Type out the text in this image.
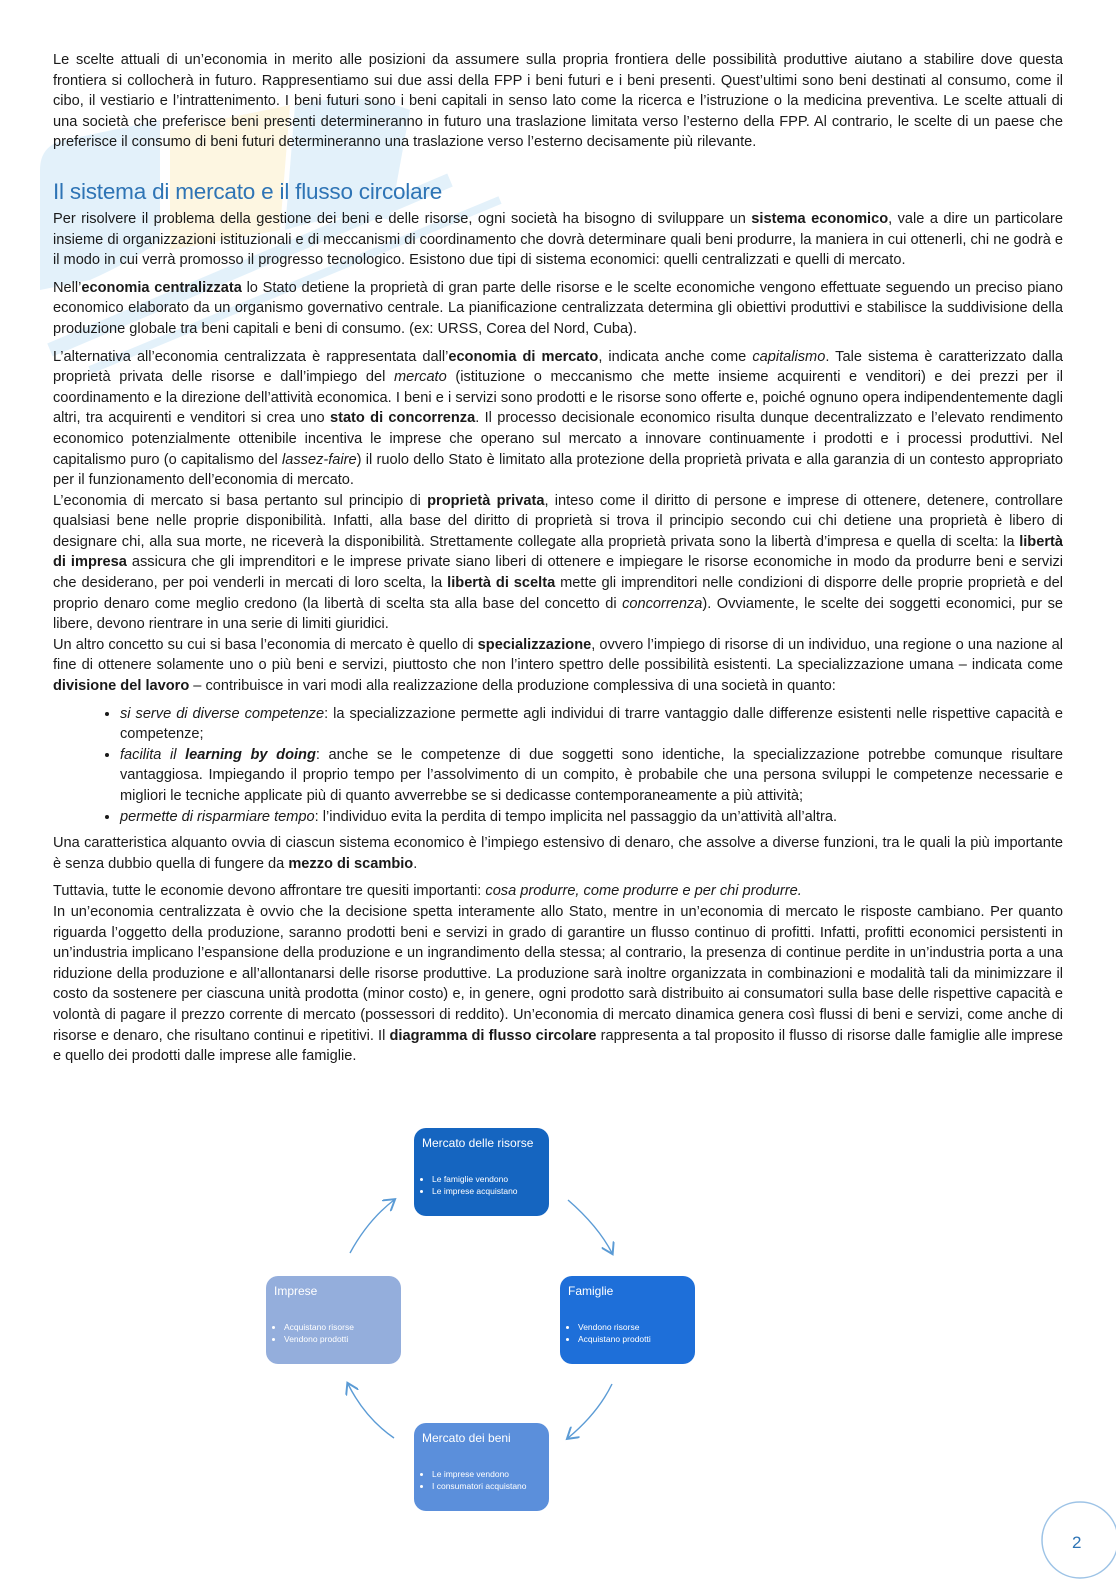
Le scelte attuali di un’economia in merito alle posizioni da assumere sulla propria frontiera delle possibilità produttive aiutano a stabilire dove questa frontiera si collocherà in futuro. Rappresentiamo sui due assi della FPP i beni futuri e i beni presenti. Quest’ultimi sono beni destinati al consumo, come il cibo, il vestiario e l’intrattenimento. I beni futuri sono i beni capitali in senso lato come la ricerca e l’istruzione o la medicina preventiva. Le scelte attuali di una società che preferisce beni presenti determineranno in futuro una traslazione limitata verso l’esterno della FPP. Al contrario, le scelte di un paese che preferisce il consumo di beni futuri determineranno una traslazione verso l’esterno decisamente più rilevante.

Il sistema di mercato e il flusso circolare

Per risolvere il problema della gestione dei beni e delle risorse, ogni società ha bisogno di sviluppare un sistema economico, vale a dire un particolare insieme di organizzazioni istituzionali e di meccanismi di coordinamento che dovrà determinare quali beni produrre, la maniera in cui ottenerli, chi ne godrà e il modo in cui verrà promosso il progresso tecnologico. Esistono due tipi di sistema economici: quelli centralizzati e quelli di mercato.

Nell’economia centralizzata lo Stato detiene la proprietà di gran parte delle risorse e le scelte economiche vengono effettuate seguendo un preciso piano economico elaborato da un organismo governativo centrale. La pianificazione centralizzata determina gli obiettivi produttivi e stabilisce la suddivisione della produzione globale tra beni capitali e beni di consumo. (ex: URSS, Corea del Nord, Cuba).

L’alternativa all’economia centralizzata è rappresentata dall’economia di mercato, indicata anche come capitalismo. Tale sistema è caratterizzato dalla proprietà privata delle risorse e dall’impiego del mercato (istituzione o meccanismo che mette insieme acquirenti e venditori) e dei prezzi per il coordinamento e la direzione dell’attività economica. I beni e i servizi sono prodotti e le risorse sono offerte e, poiché ognuno opera indipendentemente dagli altri, tra acquirenti e venditori si crea uno stato di concorrenza. Il processo decisionale economico risulta dunque decentralizzato e l’elevato rendimento economico potenzialmente ottenibile incentiva le imprese che operano sul mercato a innovare continuamente i prodotti e i processi produttivi. Nel capitalismo puro (o capitalismo del lassez-faire) il ruolo dello Stato è limitato alla protezione della proprietà privata e alla garanzia di un contesto appropriato per il funzionamento dell’economia di mercato.

L’economia di mercato si basa pertanto sul principio di proprietà privata, inteso come il diritto di persone e imprese di ottenere, detenere, controllare qualsiasi bene nelle proprie disponibilità. Infatti, alla base del diritto di proprietà si trova il principio secondo cui chi detiene una proprietà è libero di designare chi, alla sua morte, ne riceverà la disponibilità. Strettamente collegate alla proprietà privata sono la libertà d’impresa e quella di scelta: la libertà di impresa assicura che gli imprenditori e le imprese private siano liberi di ottenere e impiegare le risorse economiche in modo da produrre beni e servizi che desiderano, per poi venderli in mercati di loro scelta, la libertà di scelta mette gli imprenditori nelle condizioni di disporre delle proprie proprietà e del proprio denaro come meglio credono (la libertà di scelta sta alla base del concetto di concorrenza). Ovviamente, le scelte dei soggetti economici, pur se libere, devono rientrare in una serie di limiti giuridici.

Un altro concetto su cui si basa l’economia di mercato è quello di specializzazione, ovvero l’impiego di risorse di un individuo, una regione o una nazione al fine di ottenere solamente uno o più beni e servizi, piuttosto che non l’intero spettro delle possibilità esistenti. La specializzazione umana – indicata come divisione del lavoro – contribuisce in vari modi alla realizzazione della produzione complessiva di una società in quanto:

• si serve di diverse competenze: la specializzazione permette agli individui di trarre vantaggio dalle differenze esistenti nelle rispettive capacità e competenze;
• facilita il learning by doing: anche se le competenze di due soggetti sono identiche, la specializzazione potrebbe comunque risultare vantaggiosa. Impiegando il proprio tempo per l’assolvimento di un compito, è probabile che una persona sviluppi le competenze necessarie e migliori le tecniche applicate più di quanto avverrebbe se si dedicasse contemporaneamente a più attività;
• permette di risparmiare tempo: l’individuo evita la perdita di tempo implicita nel passaggio da un’attività all’altra.

Una caratteristica alquanto ovvia di ciascun sistema economico è l’impiego estensivo di denaro, che assolve a diverse funzioni, tra le quali la più importante è senza dubbio quella di fungere da mezzo di scambio.

Tuttavia, tutte le economie devono affrontare tre quesiti importanti: cosa produrre, come produrre e per chi produrre.

In un’economia centralizzata è ovvio che la decisione spetta interamente allo Stato, mentre in un’economia di mercato le risposte cambiano. Per quanto riguarda l’oggetto della produzione, saranno prodotti beni e servizi in grado di garantire un flusso continuo di profitti. Infatti, profitti economici persistenti in un’industria implicano l’espansione della produzione e un ingrandimento della stessa; al contrario, la presenza di continue perdite in un’industria porta a una riduzione della produzione e all’allontanarsi delle risorse produttive. La produzione sarà inoltre organizzata in combinazioni e modalità tali da minimizzare il costo da sostenere per ciascuna unità prodotta (minor costo) e, in genere, ogni prodotto sarà distribuito ai consumatori sulla base delle rispettive capacità e volontà di pagare il prezzo corrente di mercato (possessori di reddito). Un’economia di mercato dinamica genera così flussi di beni e servizi, come anche di risorse e denaro, che risultano continui e ripetitivi. Il diagramma di flusso circolare rappresenta a tal proposito il flusso di risorse dalle famiglie alle imprese e quello dei prodotti dalle imprese alle famiglie.

Mercato delle risorse
• Le famiglie vendono
• Le imprese acquistano
Famiglie
• Vendono risorse
• Acquistano prodotti
Mercato dei beni
• Le imprese vendono
• I consumatori acquistano
Imprese
• Acquistano risorse
• Vendono prodotti
2
